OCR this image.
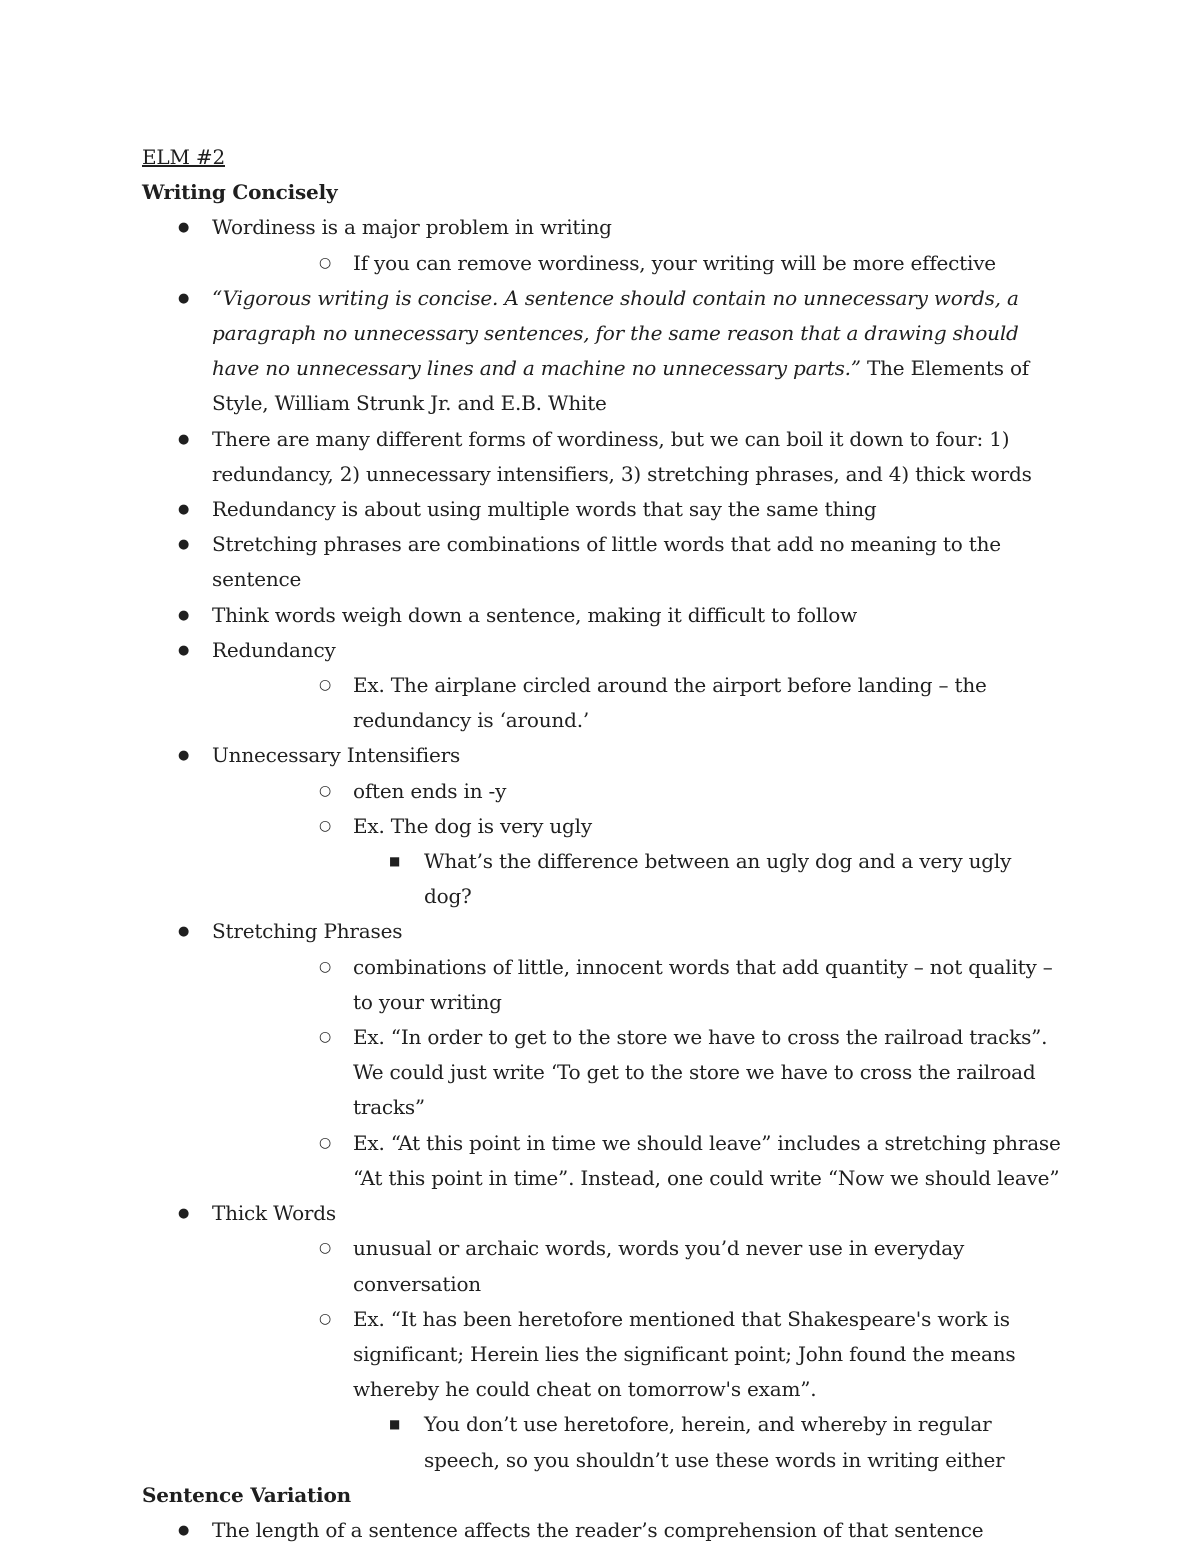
ELM #2

Writing Concisely

● Wordiness is a major problem in writing
○ If you can remove wordiness, your writing will be more effective
● “Vigorous writing is concise. A sentence should contain no unnecessary words, a paragraph no unnecessary sentences, for the same reason that a drawing should have no unnecessary lines and a machine no unnecessary parts.” The Elements of Style, William Strunk Jr. and E.B. White
● There are many different forms of wordiness, but we can boil it down to four: 1) redundancy, 2) unnecessary intensifiers, 3) stretching phrases, and 4) thick words
● Redundancy is about using multiple words that say the same thing
● Stretching phrases are combinations of little words that add no meaning to the sentence
● Think words weigh down a sentence, making it difficult to follow
● Redundancy
○ Ex. The airplane circled around the airport before landing – the redundancy is ‘around.’
● Unnecessary Intensifiers
○ often ends in -y
○ Ex. The dog is very ugly
■ What’s the difference between an ugly dog and a very ugly dog?
● Stretching Phrases
○ combinations of little, innocent words that add quantity – not quality – to your writing
○ Ex. “In order to get to the store we have to cross the railroad tracks”. We could just write ‘To get to the store we have to cross the railroad tracks”
○ Ex. “At this point in time we should leave” includes a stretching phrase “At this point in time”. Instead, one could write “Now we should leave”
● Thick Words
○ unusual or archaic words, words you’d never use in everyday conversation
○ Ex. “It has been heretofore mentioned that Shakespeare's work is significant; Herein lies the significant point; John found the means whereby he could cheat on tomorrow's exam”.
■ You don’t use heretofore, herein, and whereby in regular speech, so you shouldn’t use these words in writing either

Sentence Variation

● The length of a sentence affects the reader’s comprehension of that sentence
